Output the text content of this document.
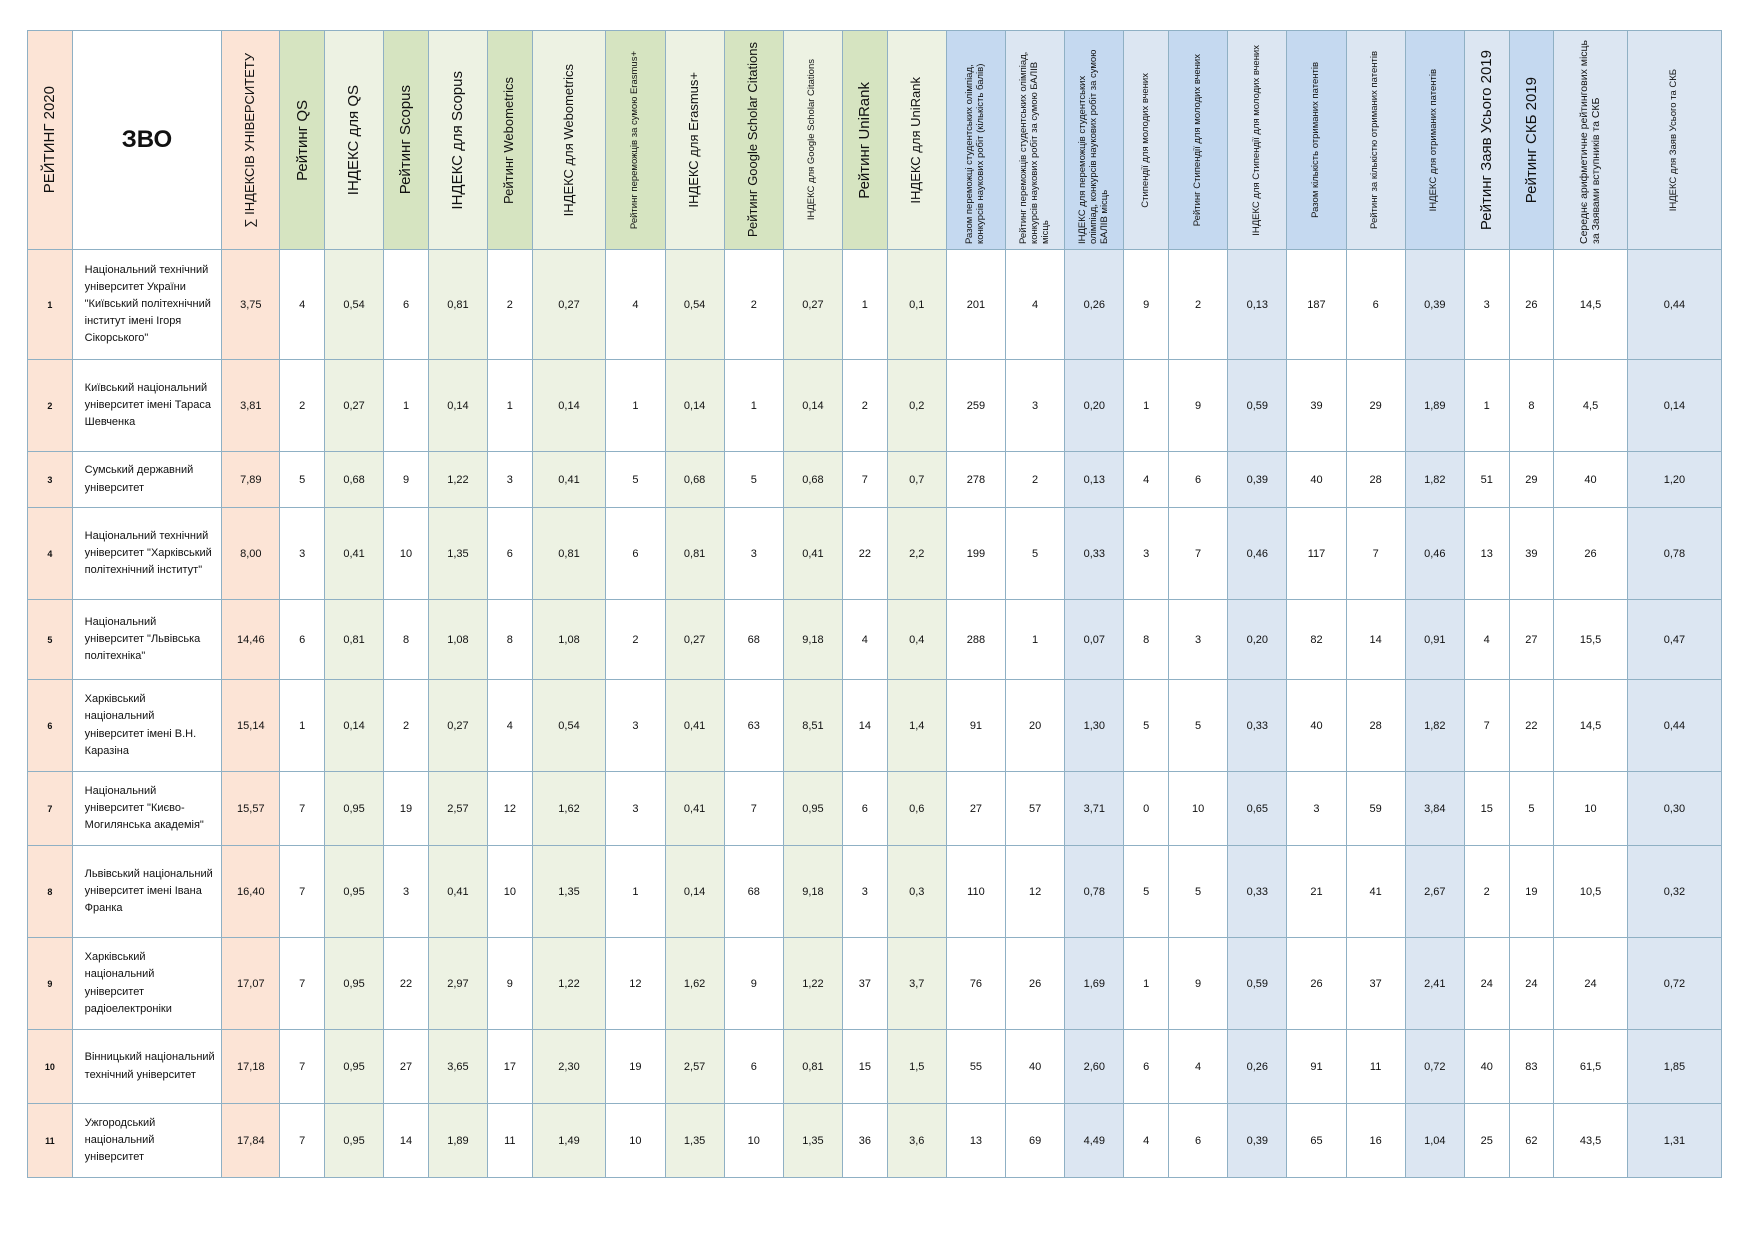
РЕЙТИНГ 2020	ЗВО	∑ ІНДЕКСІВ УНІВЕРСИТЕТУ	Рейтинг QS	ІНДЕКС для QS	Рейтинг Scopus	ІНДЕКС для Scopus	Рейтинг Webometrics	ІНДЕКС для Webometrics	Рейтинг переможців за сумою Erasmus+	ІНДЕКС для Erasmus+	Рейтинг Google Scholar Citations	ІНДЕКС для Google Scholar Citations	Рейтинг UniRank	ІНДЕКС для UniRank	Разом переможці студентських олімпіад, конкурсів наукових робіт (кількість балів)	Рейтинг переможців студентських олімпіад, конкурсів наукових робіт за сумою БАЛІВ місць	ІНДЕКС для переможців студентських олімпіад, конкурсів наукових робіт за сумою БАЛІВ місць	Стипендії для молодих вчених	Рейтинг Стипендії для молодих вчених	ІНДЕКС для Стипендії для молодих вчених	Разом кількість отриманих патентів	Рейтинг за кількістю отриманих патентів	ІНДЕКС для отриманих патентів	Рейтинг Заяв Усього 2019	Рейтинг СКБ 2019	Середнє арифметичне рейтингових місць за Заявами вступників та СКБ	ІНДЕКС для Заяв Усього та СКБ

1	Національний технічний університет України "Київський політехнічний інститут імені Ігоря Сікорського"	3,75	4	0,54	6	0,81	2	0,27	4	0,54	2	0,27	1	0,1	201	4	0,26	9	2	0,13	187	6	0,39	3	26	14,5	0,44
2	Київський національний університет імені Тараса Шевченка	3,81	2	0,27	1	0,14	1	0,14	1	0,14	1	0,14	2	0,2	259	3	0,20	1	9	0,59	39	29	1,89	1	8	4,5	0,14
3	Сумський державний університет	7,89	5	0,68	9	1,22	3	0,41	5	0,68	5	0,68	7	0,7	278	2	0,13	4	6	0,39	40	28	1,82	51	29	40	1,20
4	Національний технічний університет "Харківський політехнічний інститут"	8,00	3	0,41	10	1,35	6	0,81	6	0,81	3	0,41	22	2,2	199	5	0,33	3	7	0,46	117	7	0,46	13	39	26	0,78
5	Національний університет "Львівська політехніка"	14,46	6	0,81	8	1,08	8	1,08	2	0,27	68	9,18	4	0,4	288	1	0,07	8	3	0,20	82	14	0,91	4	27	15,5	0,47
6	Харківський національний університет імені В.Н. Каразіна	15,14	1	0,14	2	0,27	4	0,54	3	0,41	63	8,51	14	1,4	91	20	1,30	5	5	0,33	40	28	1,82	7	22	14,5	0,44
7	Національний університет "Києво-Могилянська академія"	15,57	7	0,95	19	2,57	12	1,62	3	0,41	7	0,95	6	0,6	27	57	3,71	0	10	0,65	3	59	3,84	15	5	10	0,30
8	Львівський національний університет імені Івана Франка	16,40	7	0,95	3	0,41	10	1,35	1	0,14	68	9,18	3	0,3	110	12	0,78	5	5	0,33	21	41	2,67	2	19	10,5	0,32
9	Харківський національний університет радіоелектроніки	17,07	7	0,95	22	2,97	9	1,22	12	1,62	9	1,22	37	3,7	76	26	1,69	1	9	0,59	26	37	2,41	24	24	24	0,72
10	Вінницький національний технічний університет	17,18	7	0,95	27	3,65	17	2,30	19	2,57	6	0,81	15	1,5	55	40	2,60	6	4	0,26	91	11	0,72	40	83	61,5	1,85
11	Ужгородський національний університет	17,84	7	0,95	14	1,89	11	1,49	10	1,35	10	1,35	36	3,6	13	69	4,49	4	6	0,39	65	16	1,04	25	62	43,5	1,31
